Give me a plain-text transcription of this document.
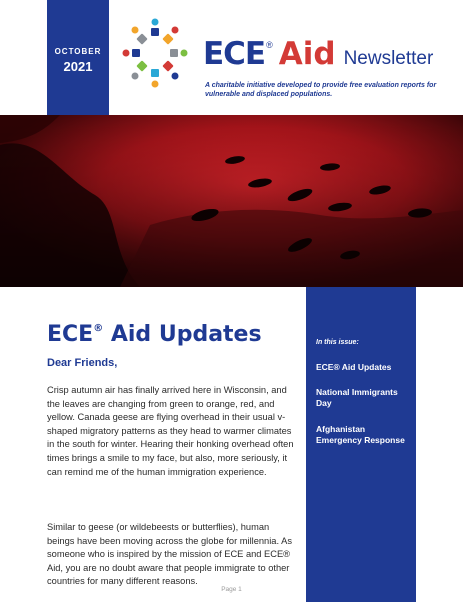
OCTOBER
2021	ECE ® Aid Newsletter
A charitable initiative developed to provide free evaluation reports for vulnerable and displaced populations.
ECE® Aid Updates
Dear Friends,
Crisp autumn air has finally arrived here in Wisconsin, and the leaves are changing from green to orange, red, and yellow. Canada geese are flying overhead in their usual v-shaped migratory patterns as they head to warmer climates in the south for winter. Hearing their honking overhead often times brings a smile to my face, but also, more seriously, it can remind me of the human immigration experience.
Similar to geese (or wildebeests or butterflies), human beings have been moving across the globe for millennia. As someone who is inspired by the mission of ECE and ECE® Aid, you are no doubt aware that people immigrate to other countries for many different reasons.
In this issue:
ECE® Aid Updates
National Immigrants Day
Afghanistan Emergency Response
Page 1
